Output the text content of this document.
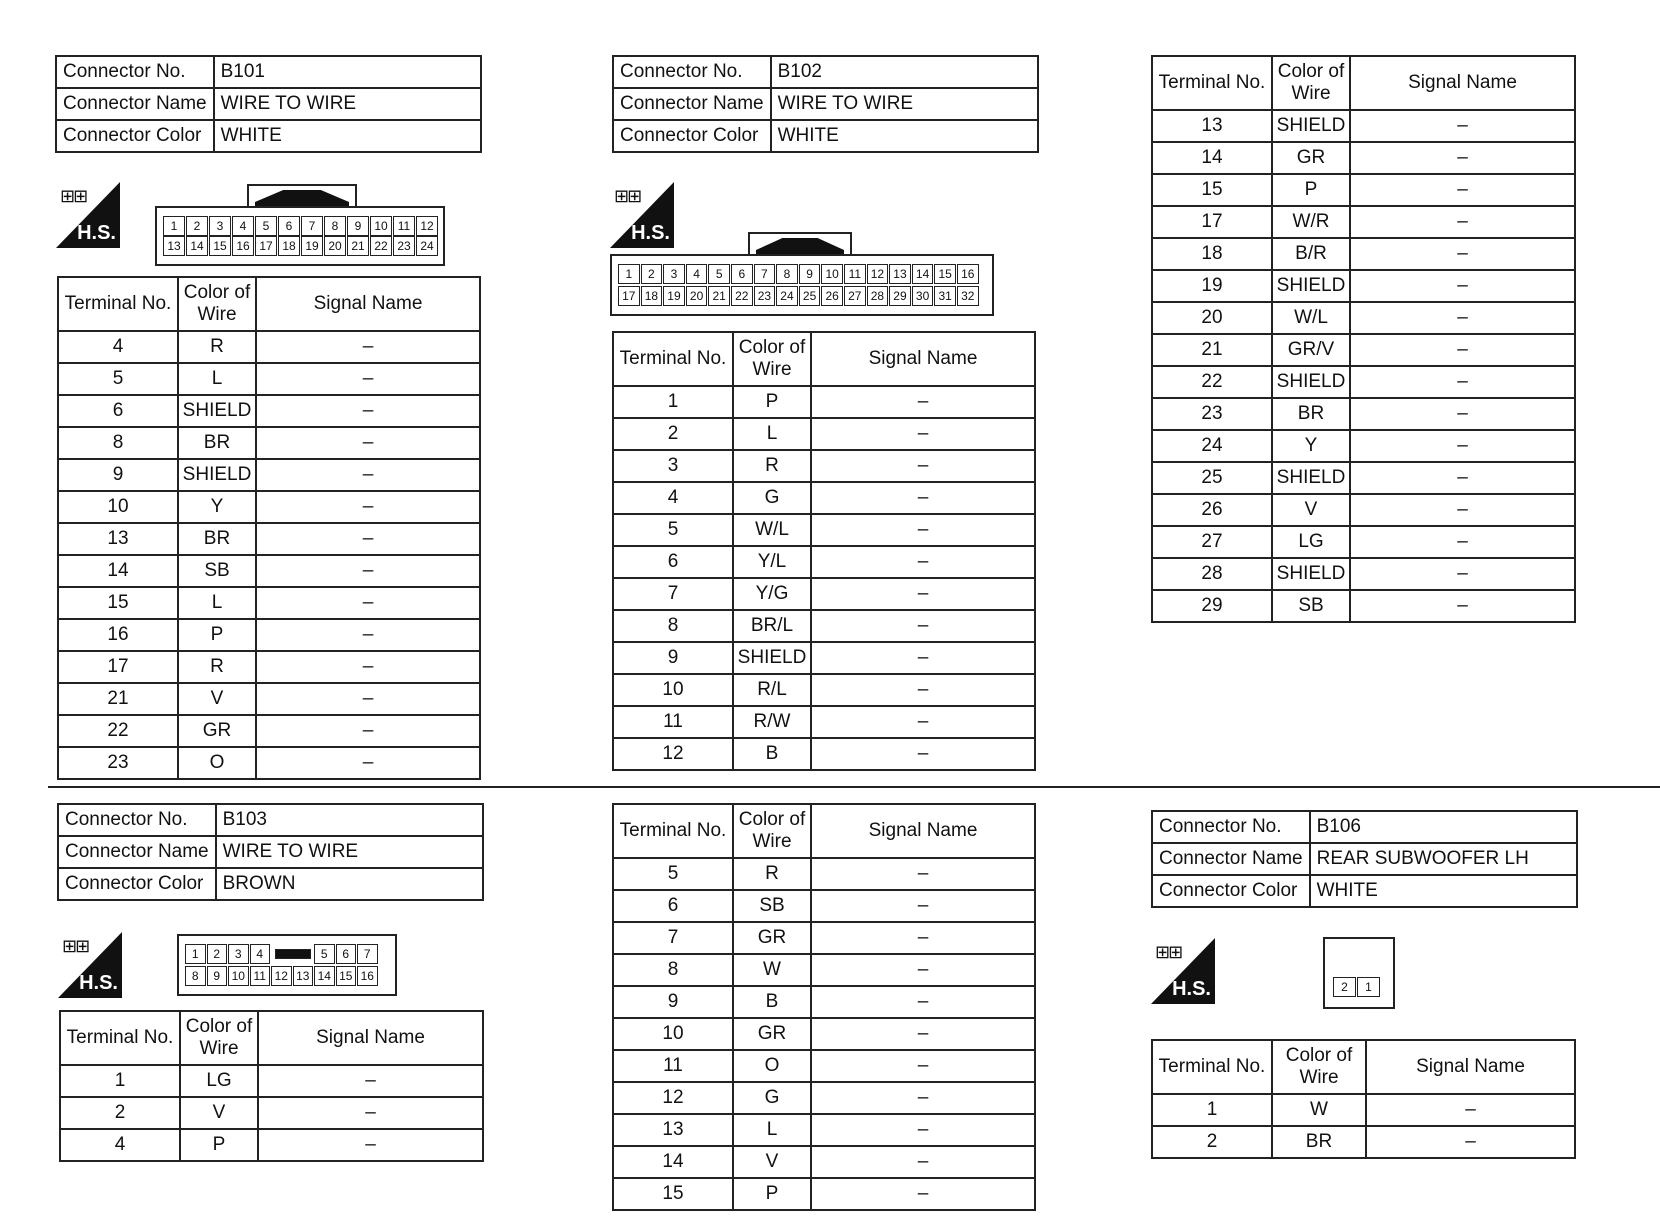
Connector No.	B101
Connector Name	WIRE TO WIRE
Connector Color	WHITE
⊞⊞
H.S.	1	2	3	4	5	6	7	8	9	10 11 12
13 14 15 16 17 18 19 20 21 22 23 24
Terminal No.	Color of Wire	Signal Name
4	R	–
5	L	–
6	SHIELD	–
8	BR	–
9	SHIELD	–
10	Y	–
13	BR	–
14	SB	–
15	L	–
16	P	–
17	R	–
21	V	–
22	GR	–
23	O	–
Connector No.	B102
Connector Name	WIRE TO WIRE
Connector Color	WHITE
⊞⊞
H.S.
1	2	3	4	5	6	7	8	9	10 11 12 13 14 15 16
17 18 19 20 21 22 23 24 25 26 27 28 29 30 31 32
Terminal No.	Color of Wire	Signal Name
1	P	–
2	L	–
3	R	–
4	G	–
5	W/L	–
6	Y/L	–
7	Y/G	–
8	BR/L	–
9	SHIELD	–
10	R/L	–
11	R/W	–
12	B	–
Terminal No.	Color of Wire	Signal Name
13	SHIELD	–
14	GR	–
15	P	–
17	W/R	–
18	B/R	–
19	SHIELD	–
20	W/L	–
21	GR/V	–
22	SHIELD	–
23	BR	–
24	Y	–
25	SHIELD	–
26	V	–
27	LG	–
28	SHIELD	–
29	SB	–
Connector No.	B103
Connector Name	WIRE TO WIRE
Connector Color	BROWN
⊞⊞
H.S.
1	2	3	4	5	6	7
8	9 10 11 12 13 14 15 16
Terminal No.	Color of Wire	Signal Name
1	LG	–
2	V	–
4	P	–
Terminal No.	Color of Wire	Signal Name
5	R	–
6	SB	–
7	GR	–
8	W	–
9	B	–
10	GR	–
11	O	–
12	G	–
13	L	–
14	V	–
15	P	–
Connector No.	B106
Connector Name	REAR SUBWOOFER LH
Connector Color	WHITE
⊞⊞
H.S.	2	1
Terminal No.	Color of Wire	Signal Name
1	W	–
2	BR	–
